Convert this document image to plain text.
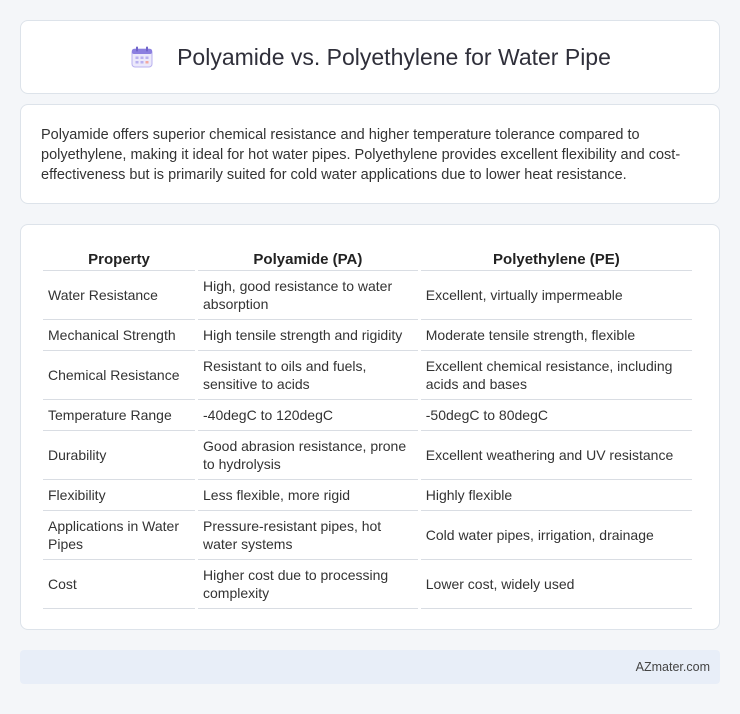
Polyamide vs. Polyethylene for Water Pipe

Polyamide offers superior chemical resistance and higher temperature tolerance compared to polyethylene, making it ideal for hot water pipes. Polyethylene provides excellent flexibility and cost-effectiveness but is primarily suited for cold water applications due to lower heat resistance.

Property	Polyamide (PA)	Polyethylene (PE)
Water Resistance	High, good resistance to water absorption	Excellent, virtually impermeable
Mechanical Strength	High tensile strength and rigidity	Moderate tensile strength, flexible
Chemical Resistance	Resistant to oils and fuels, sensitive to acids	Excellent chemical resistance, including acids and bases
Temperature Range	-40degC to 120degC	-50degC to 80degC
Durability	Good abrasion resistance, prone to hydrolysis	Excellent weathering and UV resistance
Flexibility	Less flexible, more rigid	Highly flexible
Applications in Water Pipes	Pressure-resistant pipes, hot water systems	Cold water pipes, irrigation, drainage
Cost	Higher cost due to processing complexity	Lower cost, widely used
AZmater.com
